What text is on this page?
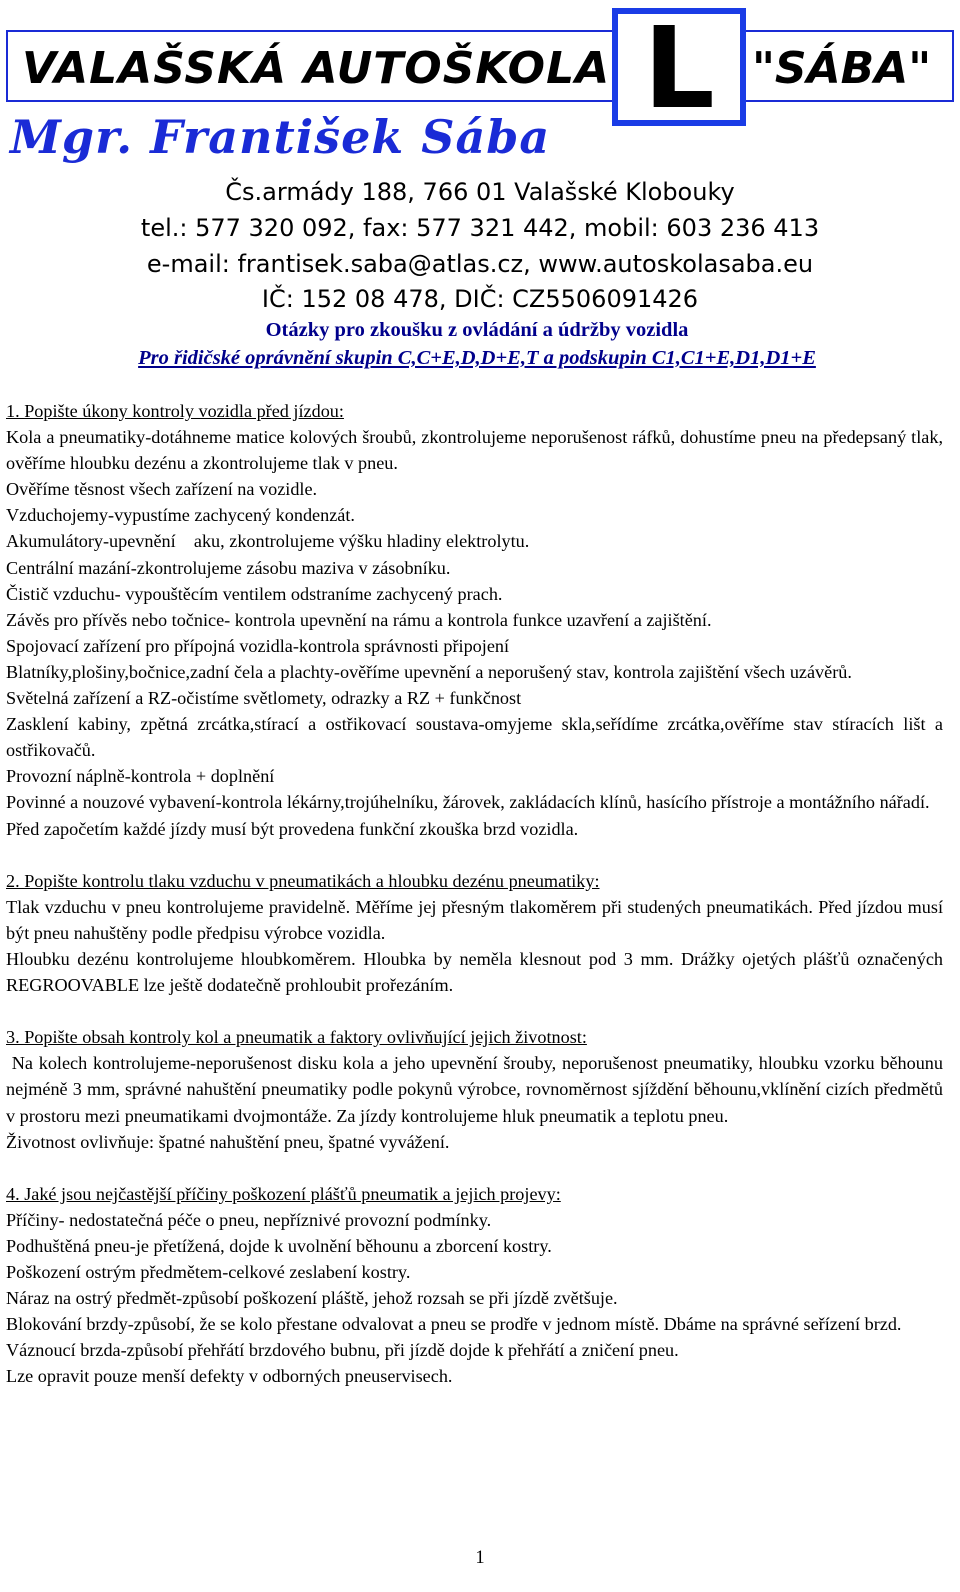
VALAŠSKÁ AUTOŠKOLA L "SÁBA"
Mgr. František Sába
Čs.armády 188, 766 01 Valašské Klobouky
tel.: 577 320 092, fax: 577 321 442, mobil: 603 236 413
e-mail: frantisek.saba@atlas.cz, www.autoskolasaba.eu
IČ: 152 08 478, DIČ: CZ5506091426
Otázky pro zkoušku z ovládání a údržby vozidla
Pro řidičské oprávnění skupin C,C+E,D,D+E,T a podskupin C1,C1+E,D1,D1+E

1. Popište úkony kontroly vozidla před jízdou:

Kola a pneumatiky-dotáhneme matice kolových šroubů, zkontrolujeme neporušenost ráfků, dohustíme pneu na předepsaný tlak, ověříme hloubku dezénu a zkontrolujeme tlak v pneu.

Ověříme těsnost všech zařízení na vozidle.

Vzduchojemy-vypustíme zachycený kondenzát.

Akumulátory-upevnění    aku, zkontrolujeme výšku hladiny elektrolytu.

Centrální mazání-zkontrolujeme zásobu maziva v zásobníku.

Čistič vzduchu- vypouštěcím ventilem odstraníme zachycený prach.

Závěs pro přívěs nebo točnice- kontrola upevnění na rámu a kontrola funkce uzavření a zajištění.

Spojovací zařízení pro přípojná vozidla-kontrola správnosti připojení

Blatníky,plošiny,bočnice,zadní čela a plachty-ověříme upevnění a neporušený stav, kontrola zajištění všech uzávěrů.

Světelná zařízení a RZ-očistíme světlomety, odrazky a RZ + funkčnost

Zasklení kabiny, zpětná zrcátka,stírací a ostřikovací soustava-omyjeme skla,seřídíme zrcátka,ověříme stav stíracích lišt a ostřikovačů.

Provozní náplně-kontrola + doplnění

Povinné a nouzové vybavení-kontrola lékárny,trojúhelníku, žárovek, zakládacích klínů, hasícího přístroje a montážního nářadí.

Před započetím každé jízdy musí být provedena funkční zkouška brzd vozidla.

2. Popište kontrolu tlaku vzduchu v pneumatikách a hloubku dezénu pneumatiky:

Tlak vzduchu v pneu kontrolujeme pravidelně. Měříme jej přesným tlakoměrem při studených pneumatikách. Před jízdou musí být pneu nahuštěny podle předpisu výrobce vozidla.

Hloubku dezénu kontrolujeme hloubkoměrem. Hloubka by neměla klesnout pod 3 mm. Drážky ojetých plášťů označených REGROOVABLE lze ještě dodatečně prohloubit prořezáním.

3. Popište obsah kontroly kol a pneumatik a faktory ovlivňující jejich životnost:

Na kolech kontrolujeme-neporušenost disku kola a jeho upevnění šrouby, neporušenost pneumatiky, hloubku vzorku běhounu nejméně 3 mm, správné nahuštění pneumatiky podle pokynů výrobce, rovnoměrnost sjíždění běhounu,vklínění cizích předmětů v prostoru mezi pneumatikami dvojmontáže. Za jízdy kontrolujeme hluk pneumatik a teplotu pneu.

Životnost ovlivňuje: špatné nahuštění pneu, špatné vyvážení.

4. Jaké jsou nejčastější příčiny poškození plášťů pneumatik a jejich projevy:

Příčiny- nedostatečná péče o pneu, nepříznivé provozní podmínky.

Podhuštěná pneu-je přetížená, dojde k uvolnění běhounu a zborcení kostry.

Poškození ostrým předmětem-celkové zeslabení kostry.

Náraz na ostrý předmět-způsobí poškození pláště, jehož rozsah se při jízdě zvětšuje.

Blokování brzdy-způsobí, že se kolo přestane odvalovat a pneu se prodře v jednom místě. Dbáme na správné seřízení brzd.

Váznoucí brzda-způsobí přehřátí brzdového bubnu, při jízdě dojde k přehřátí a zničení pneu.

Lze opravit pouze menší defekty v odborných pneuservisech.

1
